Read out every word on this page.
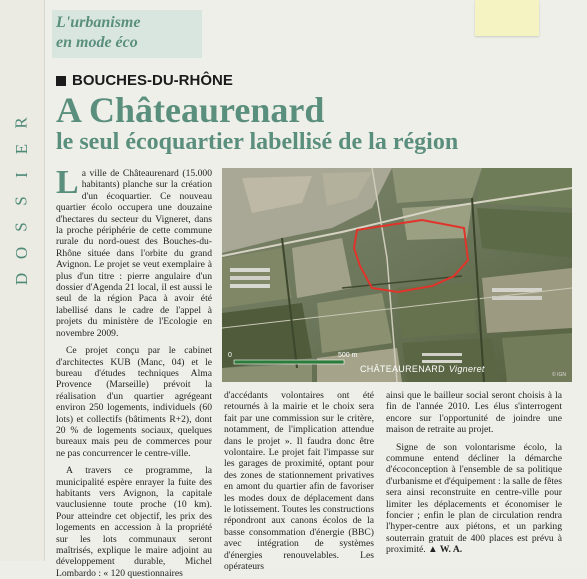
R
E
I
S
S
O
D
L'urbanisme
en mode éco
BOUCHES-DU-RHÔNE
A Châteaurenard
le seul écoquartier labellisé de la région

La ville de Châteaurenard (15.000 habitants) planche sur la création d'un écoquartier. Ce nouveau quartier écolo occupera une douzaine d'hectares du secteur du Vigneret, dans la proche périphérie de cette commune rurale du nord-ouest des Bouches-du-Rhône située dans l'orbite du grand Avignon. Le projet se veut exemplaire à plus d'un titre : pierre angulaire d'un dossier d'Agenda 21 local, il est aussi le seul de la région Paca à avoir été labellisé dans le cadre de l'appel à projets du ministère de l'Ecologie en novembre 2009.

Ce projet conçu par le cabinet d'architectes KUB (Manc, 04) et le bureau d'études techniques Alma Provence (Marseille) prévoit la réalisation d'un quartier agrégeant environ 250 logements, individuels (60 lots) et collectifs (bâtiments R+2), dont 20 % de logements sociaux, quelques bureaux mais peu de commerces pour ne pas concurrencer le centre-ville.

A travers ce programme, la municipalité espère enrayer la fuite des habitants vers Avignon, la capitale vauclusienne toute proche (10 km). Pour atteindre cet objectif, les prix des logements en accession à la propriété sur les lots communaux seront maîtrisés, explique le maire adjoint au développement durable, Michel Lombardo : « 120 questionnaires

0	500 m
CHÂTEAURENARD Vigneret
© IGN

d'accédants volontaires ont été retournés à la mairie et le choix sera fait par une commission sur le critère, notamment, de l'implication attendue dans le projet ». Il faudra donc être volontaire. Le projet fait l'impasse sur les garages de proximité, optant pour des zones de stationnement privatives en amont du quartier afin de favoriser les modes doux de déplacement dans le lotissement. Toutes les constructions répondront aux canons écolos de la basse consommation d'énergie (BBC) avec intégration de systèmes d'énergies renouvelables. Les opérateurs

ainsi que le bailleur social seront choisis à la fin de l'année 2010. Les élus s'interrogent encore sur l'opportunité de joindre une maison de retraite au projet.

Signe de son volontarisme écolo, la commune entend décliner la démarche d'écoconception à l'ensemble de sa politique d'urbanisme et d'équipement : la salle de fêtes sera ainsi reconstruite en centre-ville pour limiter les déplacements et économiser le foncier ; enfin le plan de circulation rendra l'hyper-centre aux piétons, et un parking souterrain gratuit de 400 places est prévu à proximité. ▲ W. A.
